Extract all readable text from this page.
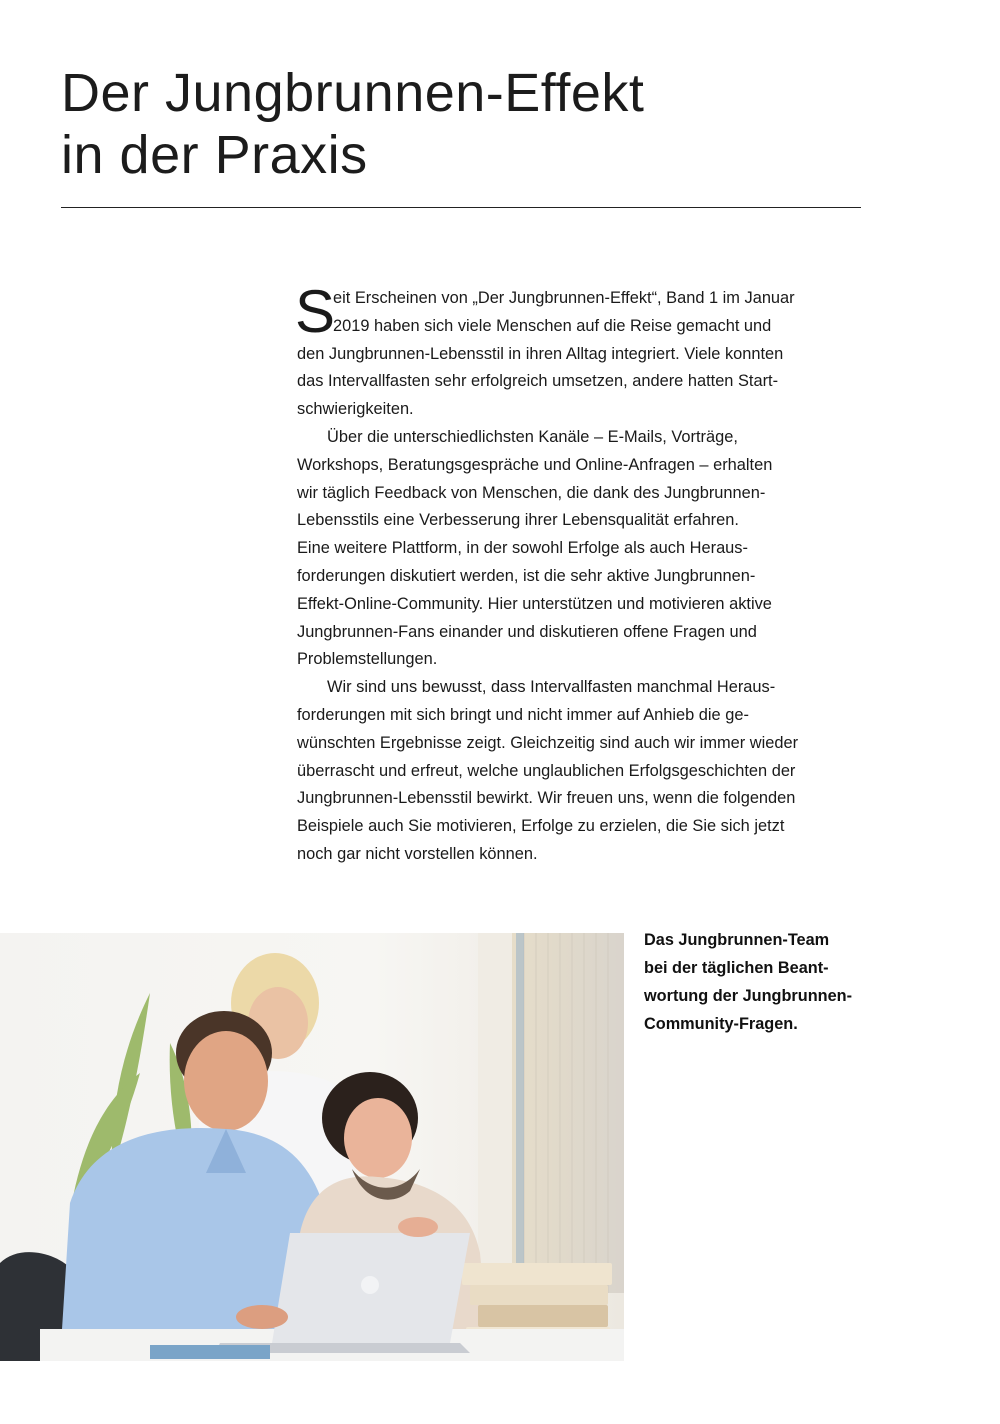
Der Jungbrunnen-Effekt
in der Praxis
S
eit Erscheinen von „Der Jungbrunnen-Effekt“, Band 1 im Januar
2019 haben sich viele Menschen auf die Reise gemacht und
den Jungbrunnen-Lebensstil in ihren Alltag integriert. Viele konnten
das Intervallfasten sehr erfolgreich umsetzen, andere hatten Start-
schwierigkeiten.
Über die unterschiedlichsten Kanäle – E-Mails, Vorträge,
Workshops, Beratungsgespräche und Online-Anfragen – erhalten
wir täglich Feedback von Menschen, die dank des Jungbrunnen-
Lebensstils eine Verbesserung ihrer Lebensqualität erfahren.
Eine weitere Plattform, in der sowohl Erfolge als auch Heraus-
forderungen diskutiert werden, ist die sehr aktive Jungbrunnen-
Effekt-Online-Community. Hier unterstützen und motivieren aktive
Jungbrunnen-Fans einander und diskutieren offene Fragen und
Problemstellungen.
Wir sind uns bewusst, dass Intervallfasten manchmal Heraus-
forderungen mit sich bringt und nicht immer auf Anhieb die ge-
wünschten Ergebnisse zeigt. Gleichzeitig sind auch wir immer wieder
überrascht und erfreut, welche unglaublichen Erfolgsgeschichten der
Jungbrunnen-Lebensstil bewirkt. Wir freuen uns, wenn die folgenden
Beispiele auch Sie motivieren, Erfolge zu erzielen, die Sie sich jetzt
noch gar nicht vorstellen können.
Das Jungbrunnen-Team
bei der täglichen Beant-
wortung der Jungbrunnen-
Community-Fragen.
